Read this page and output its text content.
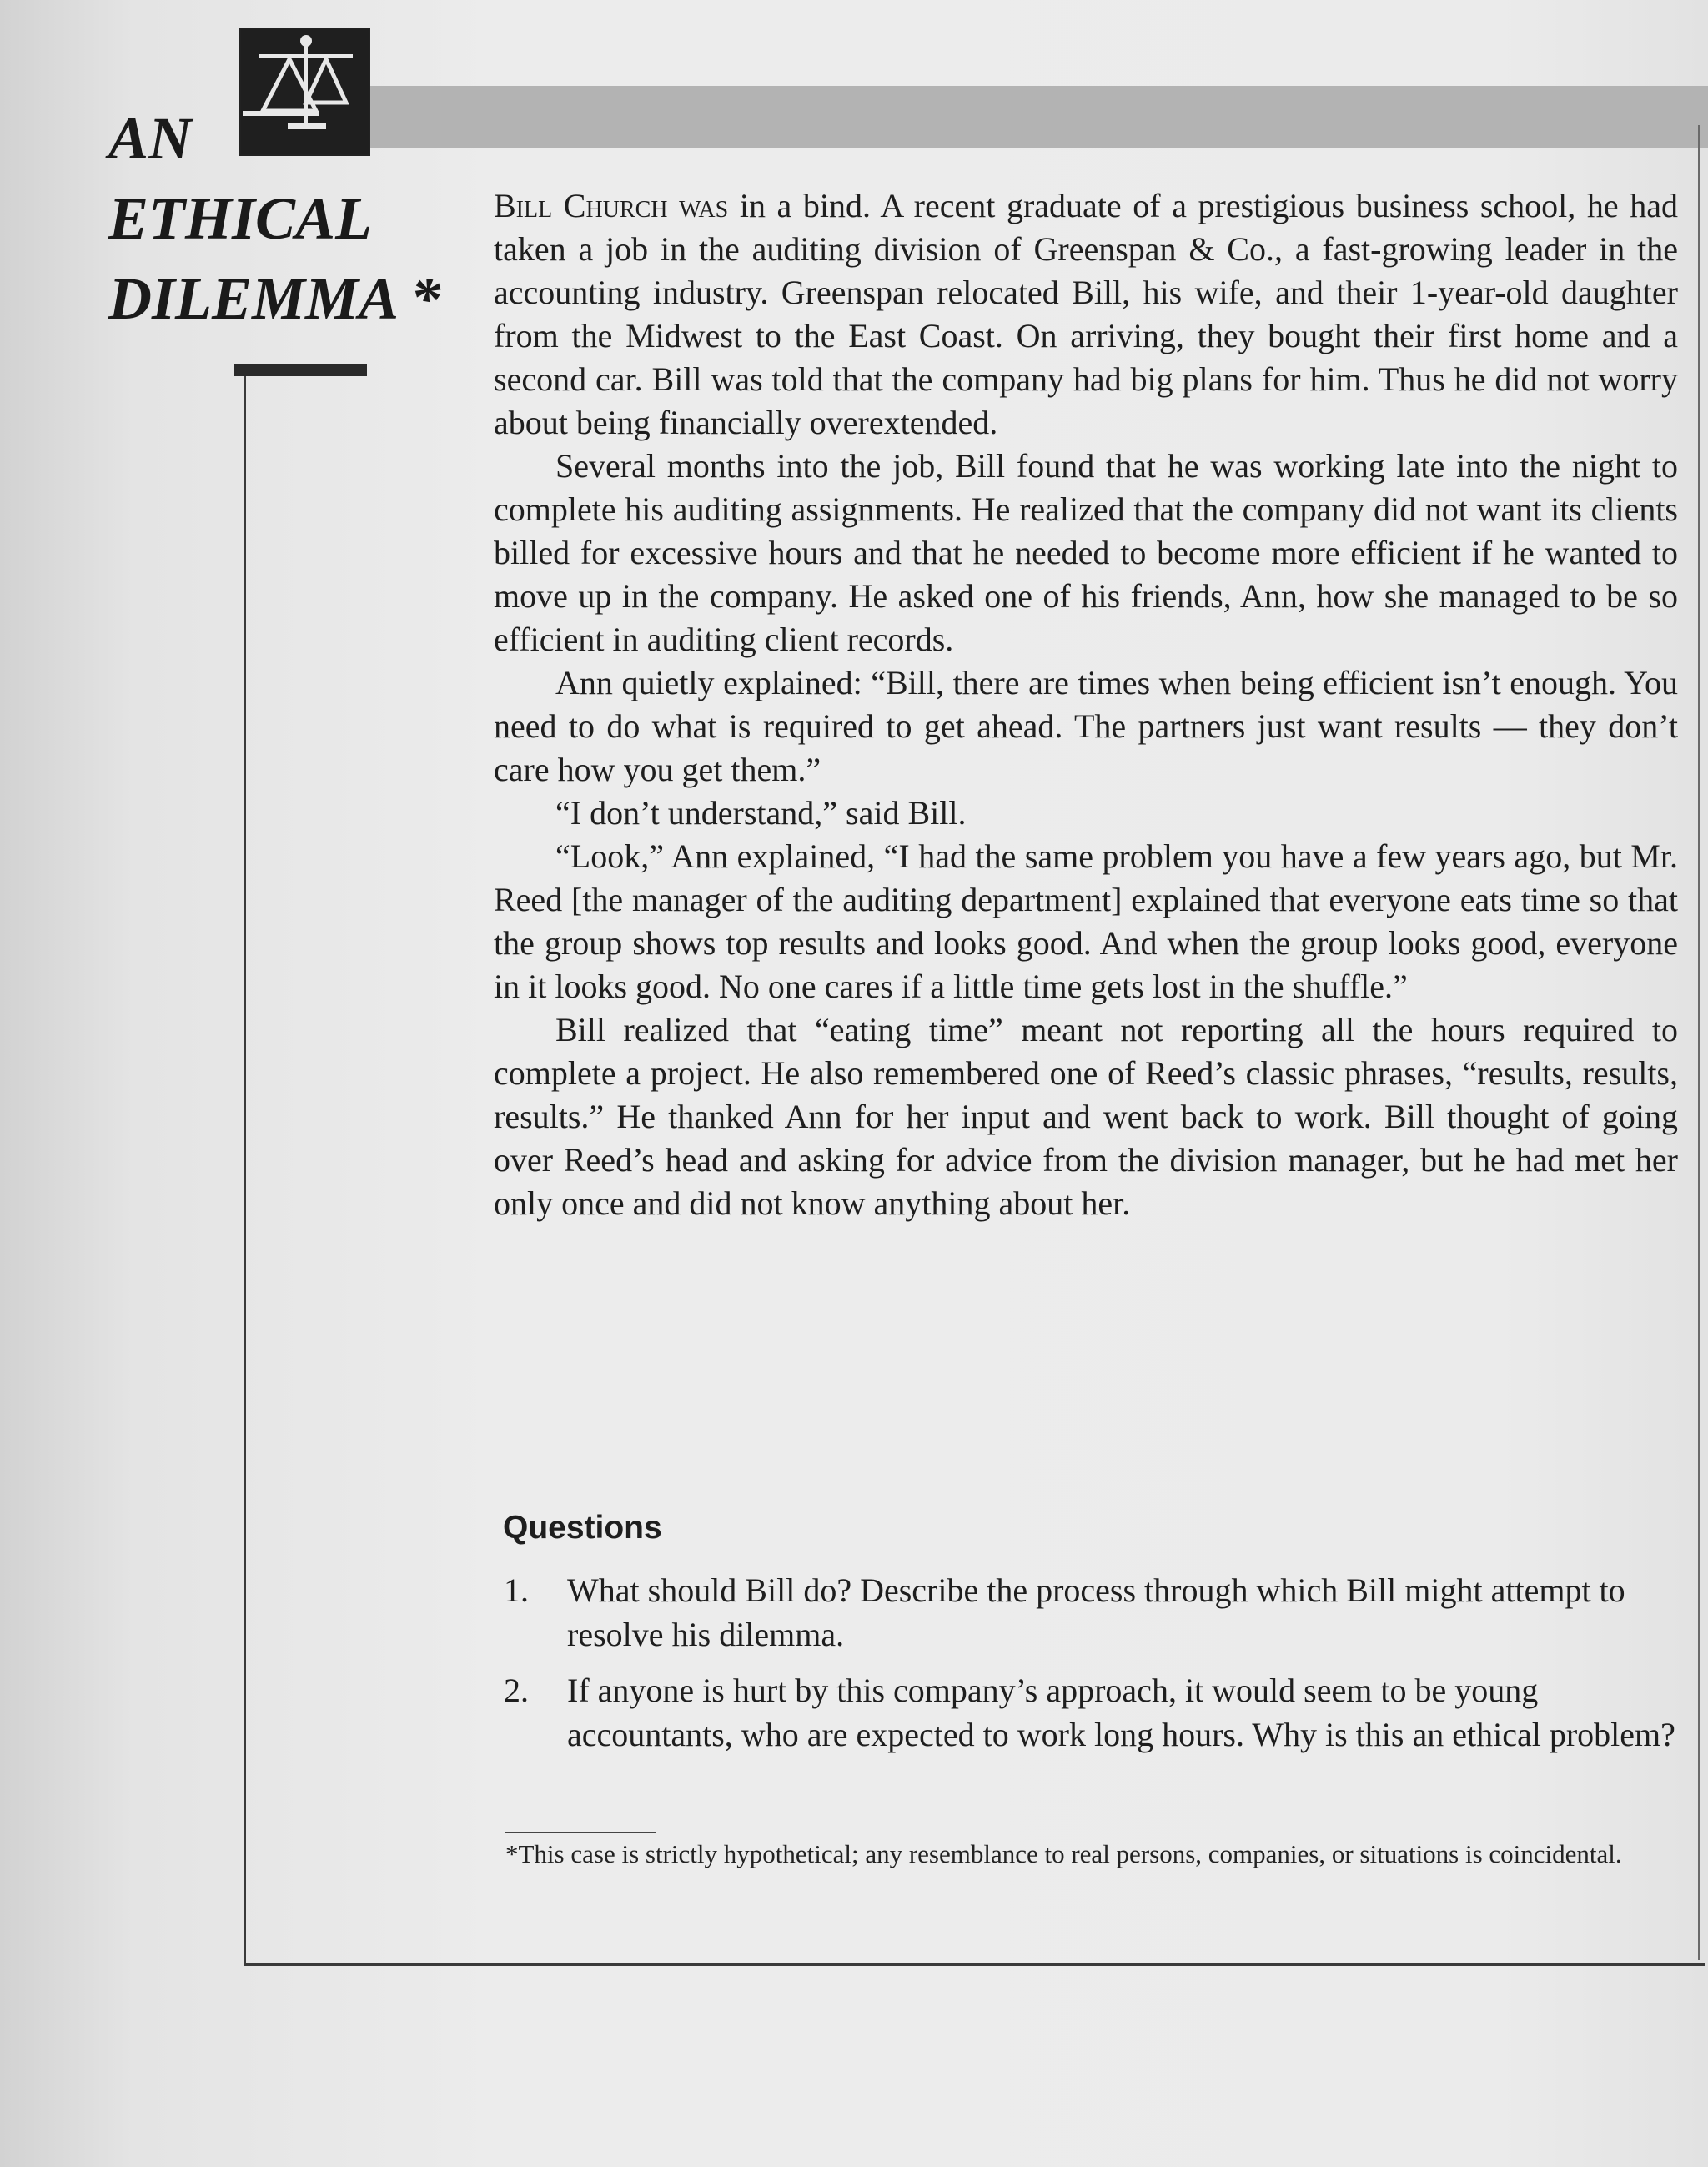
AN
ETHICAL
DILEMMA *

Bill Church was in a bind. A recent graduate of a prestigious business school, he had taken a job in the auditing division of Greenspan & Co., a fast-growing leader in the accounting industry. Greenspan relocated Bill, his wife, and their 1-year-old daughter from the Midwest to the East Coast. On arriving, they bought their first home and a second car. Bill was told that the company had big plans for him. Thus he did not worry about being financially overextended.

Several months into the job, Bill found that he was working late into the night to complete his auditing assignments. He realized that the company did not want its clients billed for excessive hours and that he needed to become more efficient if he wanted to move up in the company. He asked one of his friends, Ann, how she managed to be so efficient in auditing client records.

Ann quietly explained: “Bill, there are times when being efficient isn’t enough. You need to do what is required to get ahead. The partners just want results — they don’t care how you get them.”

“I don’t understand,” said Bill.

“Look,” Ann explained, “I had the same problem you have a few years ago, but Mr. Reed [the manager of the auditing department] explained that everyone eats time so that the group shows top results and looks good. And when the group looks good, everyone in it looks good. No one cares if a little time gets lost in the shuffle.”

Bill realized that “eating time” meant not reporting all the hours required to complete a project. He also remembered one of Reed’s classic phrases, “results, results, results.” He thanked Ann for her input and went back to work. Bill thought of going over Reed’s head and asking for advice from the division manager, but he had met her only once and did not know anything about her.

Questions
1. What should Bill do? Describe the process through which Bill might attempt to resolve his dilemma.
2. If anyone is hurt by this company’s approach, it would seem to be young accountants, who are expected to work long hours. Why is this an ethical problem?
*This case is strictly hypothetical; any resemblance to real persons, companies, or situations is coincidental.
